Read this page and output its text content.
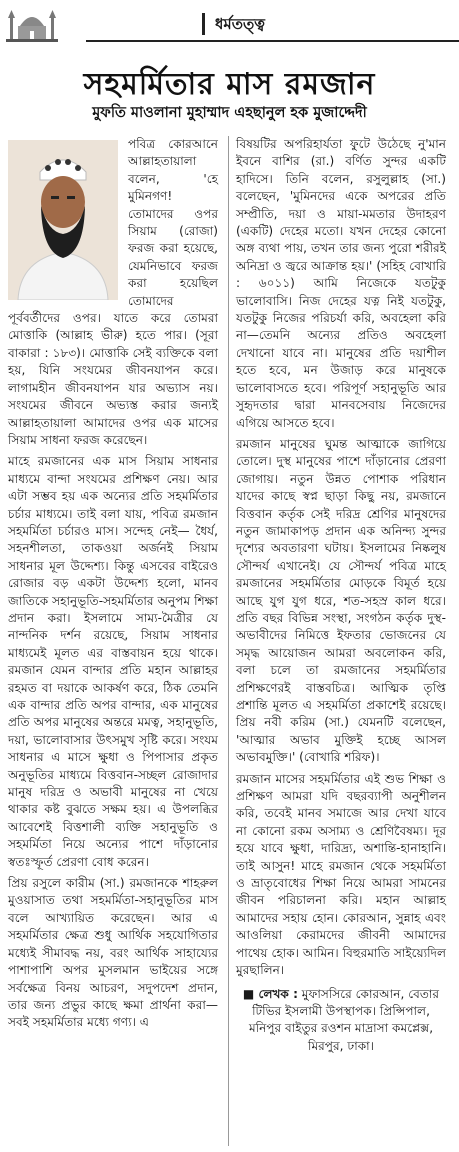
ধর্মতত্ত্ব
সহমর্মিতার মাস রমজান
মুফতি মাওলানা মুহাম্মাদ এহছানুল হক মুজাদ্দেদী

পবিত্র কোরআনে আল্লাহতায়ালা বলেন, 'হে মুমিনগণ! তোমাদের ওপর সিয়াম (রোজা) ফরজ করা হয়েছে, যেমনিভাবে ফরজ করা হয়েছিল তোমাদের পূর্ববর্তীদের ওপর। যাতে করে তোমরা মোত্তাকি (আল্লাহ ভীরু) হতে পার। (সূরা বাকারা : ১৮৩)। মোত্তাকি সেই ব্যক্তিকে বলা হয়, যিনি সংযমের জীবনযাপন করে। লাগামহীন জীবনযাপন যার অভ্যাস নয়। সংযমের জীবনে অভ্যস্ত করার জন্যই আল্লাহতায়ালা আমাদের ওপর এক মাসের সিয়াম সাধনা ফরজ করেছেন।

মাহে রমজানের এক মাস সিয়াম সাধনার মাধ্যমে বান্দা সংযমের প্রশিক্ষণ নেয়। আর এটা সম্ভব হয় এক অন্যের প্রতি সহমর্মিতার চর্চার মাধ্যমে। তাই বলা যায়, পবিত্র রমজান সহমর্মিতা চর্চারও মাস। সন্দেহ নেই— ধৈর্য, সহনশীলতা, তাকওয়া অর্জনই সিয়াম সাধনার মূল উদ্দেশ্য। কিন্তু এসবের বাইরেও রোজার বড় একটা উদ্দেশ্য হলো, মানব জাতিকে সহানুভূতি-সহমর্মিতার অনুপম শিক্ষা প্রদান করা। ইসলামে সাম্য-মৈত্রীর যে নান্দনিক দর্শন রয়েছে, সিয়াম সাধনার মাধ্যমেই মূলত এর বাস্তবায়ন হয়ে থাকে। রমজান যেমন বান্দার প্রতি মহান আল্লাহর রহমত বা দয়াকে আকর্ষণ করে, ঠিক তেমনি এক বান্দার প্রতি অপর বান্দার, এক মানুষের প্রতি অপর মানুষের অন্তরে মমত্ব, সহানুভূতি, দয়া, ভালোবাসার উৎসমুখ সৃষ্টি করে। সংযম সাধনার এ মাসে ক্ষুধা ও পিপাসার প্রকৃত অনুভূতির মাধ্যমে বিত্তবান-সচ্ছল রোজাদার মানুষ দরিদ্র ও অভাবী মানুষের না খেয়ে থাকার কষ্ট বুঝতে সক্ষম হয়। এ উপলব্ধির আবেশেই বিত্তশালী ব্যক্তি সহানুভূতি ও সহমর্মিতা নিয়ে অন্যের পাশে দাঁড়ানোর স্বতঃস্ফূর্ত প্রেরণা বোধ করেন।

প্রিয় রসুলে কারীম (সা.) রমজানকে শাহরুল মুওয়াসাত তথা সহমর্মিতা-সহানুভূতির মাস বলে আখ্যায়িত করেছেন। আর এ সহমর্মিতার ক্ষেত্র শুধু আর্থিক সহযোগিতার মধ্যেই সীমাবদ্ধ নয়, বরং আর্থিক সাহায্যের পাশাপাশি অপর মুসলমান ভাইয়ের সঙ্গে সর্বক্ষেত্র বিনয় আচরণ, সদুপদেশ প্রদান, তার জন্য প্রভুর কাছে ক্ষমা প্রার্থনা করা— সবই সহমর্মিতার মধ্যে গণ্য। এ

বিষয়টির অপরিহার্যতা ফুটে উঠেছে নু'মান ইবনে বাশির (রা.) বর্ণিত সুন্দর একটি হাদিসে। তিনি বলেন, রসুলুল্লাহ (সা.) বলেছেন, 'মুমিনদের একে অপরের প্রতি সম্প্রীতি, দয়া ও মায়া-মমতার উদাহরণ (একটি) দেহের মতো। যখন দেহের কোনো অঙ্গ ব্যথা পায়, তখন তার জন্য পুরো শরীরই অনিদ্রা ও জ্বরে আক্রান্ত হয়।' (সহিহ বোখারি : ৬০১১) আমি নিজেকে যতটুকু ভালোবাসি। নিজ দেহের যত্ন নিই যতটুকু, যতটুকু নিজের পরিচর্যা করি, অবহেলা করি না—তেমনি অন্যের প্রতিও অবহেলা দেখানো যাবে না। মানুষের প্রতি দয়াশীল হতে হবে, মন উজাড় করে মানুষকে ভালোবাসতে হবে। পরিপূর্ণ সহানুভূতি আর সুহৃদতার দ্বারা মানবসেবায় নিজেদের এগিয়ে আসতে হবে।

রমজান মানুষের ঘুমন্ত আত্মাকে জাগিয়ে তোলে। দুস্থ মানুষের পাশে দাঁড়ানোর প্রেরণা জোগায়। নতুন উন্নত পোশাক পরিধান যাদের কাছে স্বপ্ন ছাড়া কিছু নয়, রমজানে বিত্তবান কর্তৃক সেই দরিদ্র শ্রেণির মানুষদের নতুন জামাকাপড় প্রদান এক অনিন্দ্য সুন্দর দৃশ্যের অবতারণা ঘটায়। ইসলামের নিষ্কলুষ সৌন্দর্য এখানেই। যে সৌন্দর্য পবিত্র মাহে রমজানের সহমর্মিতার মোড়কে বিমূর্ত হয়ে আছে যুগ যুগ ধরে, শত-সহস্র কাল ধরে। প্রতি বছর বিভিন্ন সংস্থা, সংগঠন কর্তৃক দুস্থ-অভাবীদের নিমিত্তে ইফতার ভোজনের যে সমৃদ্ধ আয়োজন আমরা অবলোকন করি, বলা চলে তা রমজানের সহমর্মিতার প্রশিক্ষণেরই বাস্তবচিত্র। আত্মিক তৃপ্তি প্রশান্তি মূলত এ সহমর্মিতা প্রকাশেই রয়েছে। প্রিয় নবী করিম (সা.) যেমনটি বলেছেন, 'আত্মার অভাব মুক্তিই হচ্ছে আসল অভাবমুক্তি।' (বোখারি শরিফ)।

রমজান মাসের সহমর্মিতার এই শুভ শিক্ষা ও প্রশিক্ষণ আমরা যদি বছরব্যাপী অনুশীলন করি, তবেই মানব সমাজে আর দেখা যাবে না কোনো রকম অসাম্য ও শ্রেণিবৈষম্য। দূর হয়ে যাবে ক্ষুধা, দারিদ্র্য, অশান্তি-হানাহানি। তাই আসুন! মাহে রমজান থেকে সহমর্মিতা ও ভ্রাতৃবোধের শিক্ষা নিয়ে আমরা সামনের জীবন পরিচালনা করি। মহান আল্লাহ আমাদের সহায় হোন। কোরআন, সুন্নাহ এবং আওলিয়া কেরামদের জীবনী আমাদের পাথেয় হোক। আমিন। বিহুরমাতি সাইয়্যেদিল মুরছালিন।

■ লেখক : মুফাসসিরে কোরআন, বেতার টিভির ইসলামী উপস্থাপক। প্রিন্সিপাল, মনিপুর বাইতুর রওশন মাদ্রাসা কমপ্লেক্স, মিরপুর, ঢাকা।
